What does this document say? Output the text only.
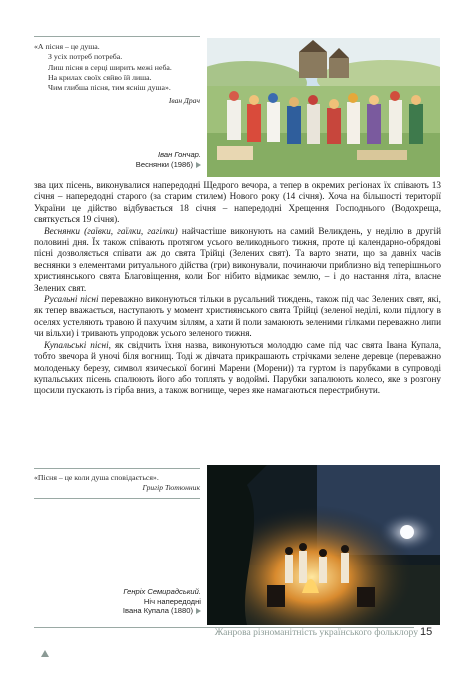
«А пісня – це душа.
З усіх потреб потреба.
Лиш пісня в серці ширить межі неба.
На крилах своїх сяйво їй лиша.
Чим глибша пісня, тим ясніш душа».
Іван Драч
Іван Гончар.
Веснянки (1986)

зва цих пісень, виконувалися напередодні Щедрого вечора, а тепер в окремих регіонах їх співають 13 січня – напередодні старого (за старим стилем) Нового року (14 січня). Хоча на більшості території України це дійство відбувається 18 січня – напередодні Хрещення Господнього (Водохреща, святкується 19 січня).

Веснянки (гаївки, гаїлки, гагілки) найчастіше виконують на самий Великдень, у неділю в другій половині дня. Їх також співають протягом усього великоднього тижня, проте ці календарно-обрядові пісні дозволяється співати аж до свята Трійці (Зелених свят). Та варто знати, що за давніх часів веснянки з елементами ритуального дійства (гри) виконували, починаючи приблизно від теперішнього християнського свята Благовіщення, коли Бог нібито відмикає землю, – і до настання літа, власне Зелених свят.

Русальні пісні переважно виконуються тільки в русальний тиждень, також під час Зелених свят, які, як тепер вважається, наступають у момент християнського свята Трійці (зеленої неділі, коли підлогу в оселях устеляють травою й пахучим зіллям, а хати й поли замаюють зеленими гілками переважно липи чи вільхи) і тривають упродовж усього зеленого тижня.

Купальські пісні, як свідчить їхня назва, виконуються молоддю саме під час свята Івана Купала, тобто звечора й уночі біля вогнищ. Тоді ж дівчата прикрашають стрічками зелене деревце (переважно молоденьку березу, символ язичеської богині Марени (Морени)) та гуртом із парубками в супроводі купальських пісень спалюють його або топлять у водоймі. Парубки запалюють колесо, яке з розгону щосили пускають із гірба вниз, а також вогнище, через яке намагаються перестрибнути.

«Пісня – це коли душа сповідається».
Григір Тютюнник
Генріх Семирадський.
Ніч напередодні
Івана Купала (1880)
Жанрова різноманітність українського фольклору 15
